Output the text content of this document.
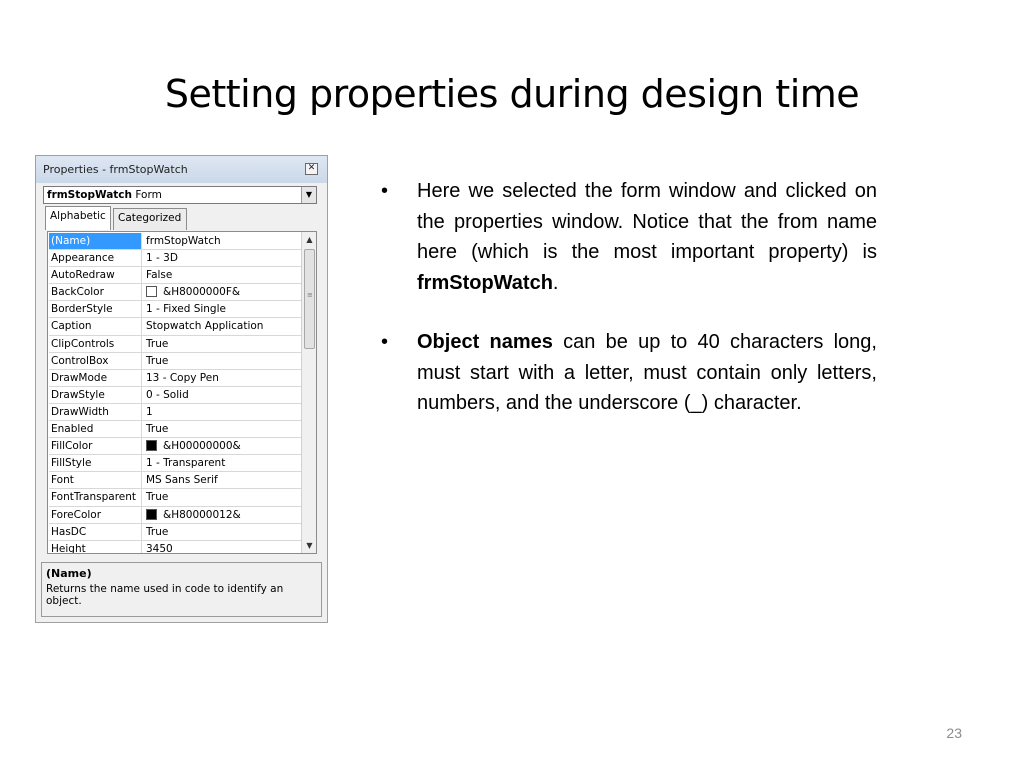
Setting properties during design time
Properties - frmStopWatch	✕
frmStopWatch Form	▼
Alphabetic	Categorized
(Name)	frmStopWatch
Appearance	1 - 3D
AutoRedraw	False
BackColor	&H8000000F&
BorderStyle	1 - Fixed Single
Caption	Stopwatch Application
ClipControls	True
ControlBox	True
DrawMode	13 - Copy Pen
DrawStyle	0 - Solid
DrawWidth	1
Enabled	True
FillColor	&H00000000&
FillStyle	1 - Transparent
Font	MS Sans Serif
FontTransparent True
ForeColor	&H80000012&
HasDC	True
Height	3450
▲
≡
▼
(Name)
Returns the name used in code to identify an object.
• Here we selected the form window and clicked on the properties window. Notice that the from name here (which is the most important property) is frmStopWatch.
• Object names can be up to 40 characters long, must start with a letter, must contain only letters, numbers, and the underscore (_) character.
23
